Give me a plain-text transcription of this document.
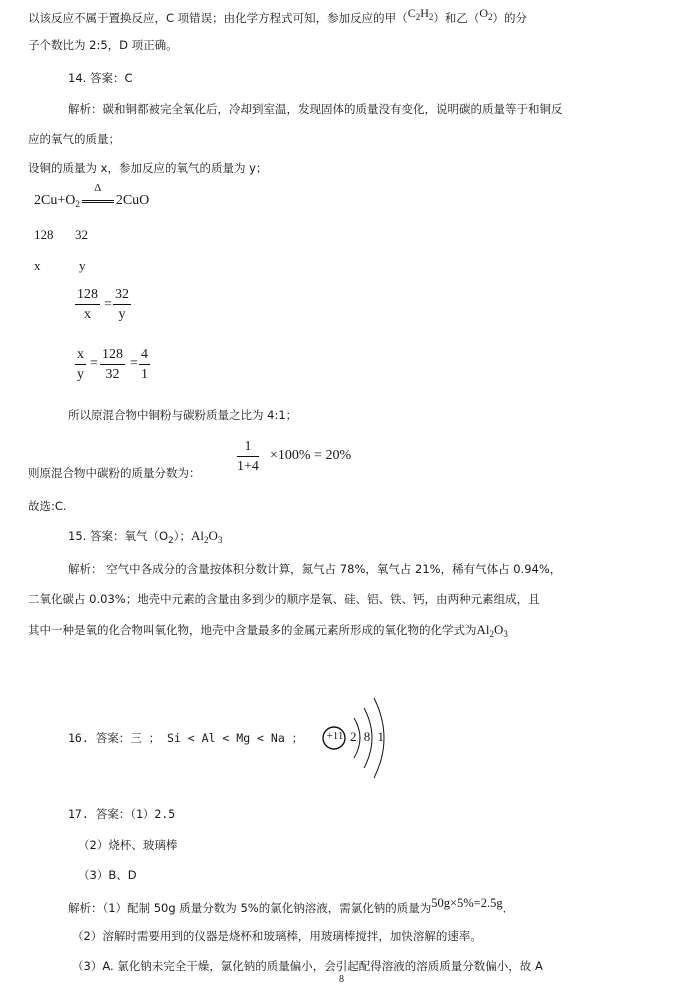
以该反应不属于置换反应，C 项错误；由化学方程式可知，参加反应的甲$(C_2H_2)$和乙$(O_2)$的分
子个数比为 2:5，D 项正确。
14. 答案：C
解析：碳和铜都被完全氧化后，冷却到室温，发现固体的质量没有变化，说明碳的质量等于和铜反
应的氧气的质量；
设铜的质量为 x，参加反应的氧气的质量为 y；
$2Cu+O_2$
Δ
2CuO
128 32
x	y
$\frac{128}{x} = \frac{32}{y}$
$\frac{x}{y} = \frac{128}{32} = \frac{4}{1}$
所以原混合物中铜粉与碳粉质量之比为 4:1；
$\frac{1}{1+4} \times 100\% = 20\%$
则原混合物中碳粉的质量分数为：
故选:C.
15. 答案：氧气$(O_2)$；$Al_2O_3$
解析： 空气中各成分的含量按体积分数计算，氮气占 78%，氧气占 21%，稀有气体占 0.94%，
二氧化碳占 0.03%；地壳中元素的含量由多到少的顺序是氧、硅、铝、铁、钙，由两种元素组成，且
其中一种是氧的化合物叫氧化物，地壳中含量最多的金属元素所形成的氧化物的化学式为$Al_2O_3$
16. 答案：三 ； Si < Al < Mg < Na ； +11 2 8 1
17. 答案：（1）2.5
（2）烧杯、玻璃棒
（3）B、D
解析：（1）配制 50g 质量分数为 5%的氯化钠溶液，需氯化钠的质量为50g×5%=2.5g．
（2）溶解时需要用到的仪器是烧杯和玻璃棒，用玻璃棒搅拌，加快溶解的速率。
（3）A. 氯化钠未完全干燥，氯化钠的质量偏小，会引起配得溶液的溶质质量分数偏小，故 A
8
